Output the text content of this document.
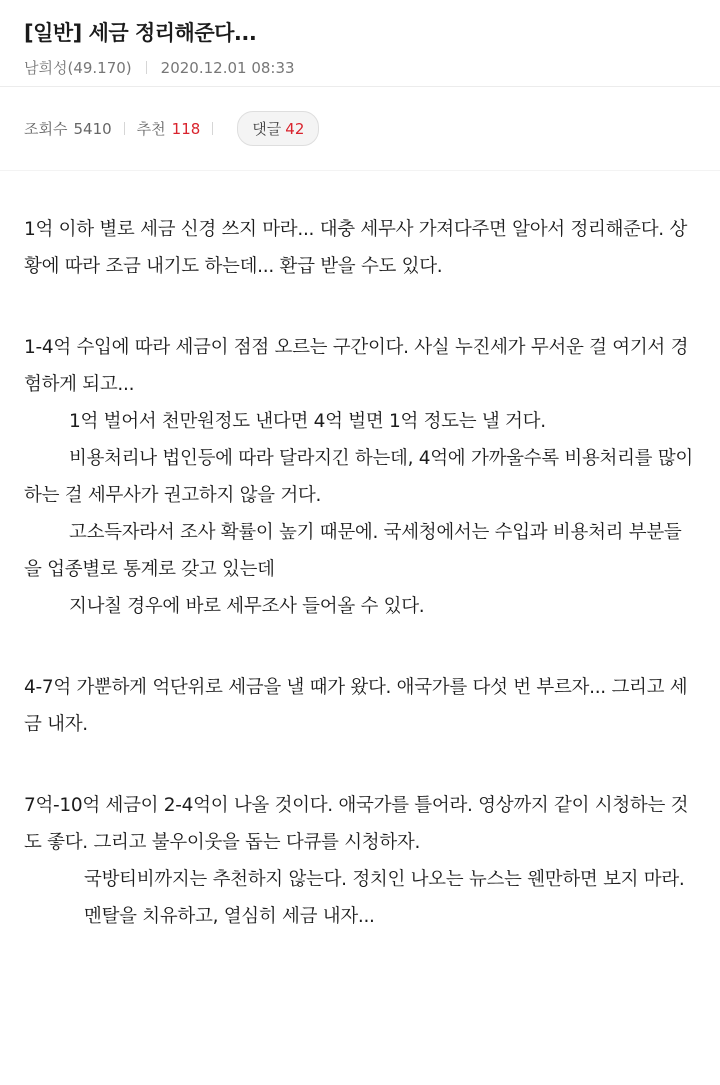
[일반] 세금 정리해준다...
남희성(49.170) 2020.12.01 08:33
조회수 5410 추천 118	댓글 42

1억 이하 별로 세금 신경 쓰지 마라... 대충 세무사 가져다주면 알아서 정리해준다. 상황에 따라 조금 내기도 하는데... 환급 받을 수도 있다.

1-4억 수입에 따라 세금이 점점 오르는 구간이다. 사실 누진세가 무서운 걸 여기서 경험하게 되고...

1억 벌어서 천만원정도 낸다면 4억 벌면 1억 정도는 낼 거다.

비용처리나 법인등에 따라 달라지긴 하는데, 4억에 가까울수록 비용처리를 많이 하는 걸 세무사가 권고하지 않을 거다.

고소득자라서 조사 확률이 높기 때문에. 국세청에서는 수입과 비용처리 부분들을 업종별로 통계로 갖고 있는데

지나칠 경우에 바로 세무조사 들어올 수 있다.

4-7억 가뿐하게 억단위로 세금을 낼 때가 왔다. 애국가를 다섯 번 부르자... 그리고 세금 내자.

7억-10억 세금이 2-4억이 나올 것이다. 애국가를 틀어라. 영상까지 같이 시청하는 것도 좋다. 그리고 불우이웃을 돕는 다큐를 시청하자.

국방티비까지는 추천하지 않는다. 정치인 나오는 뉴스는 웬만하면 보지 마라.

멘탈을 치유하고, 열심히 세금 내자...
